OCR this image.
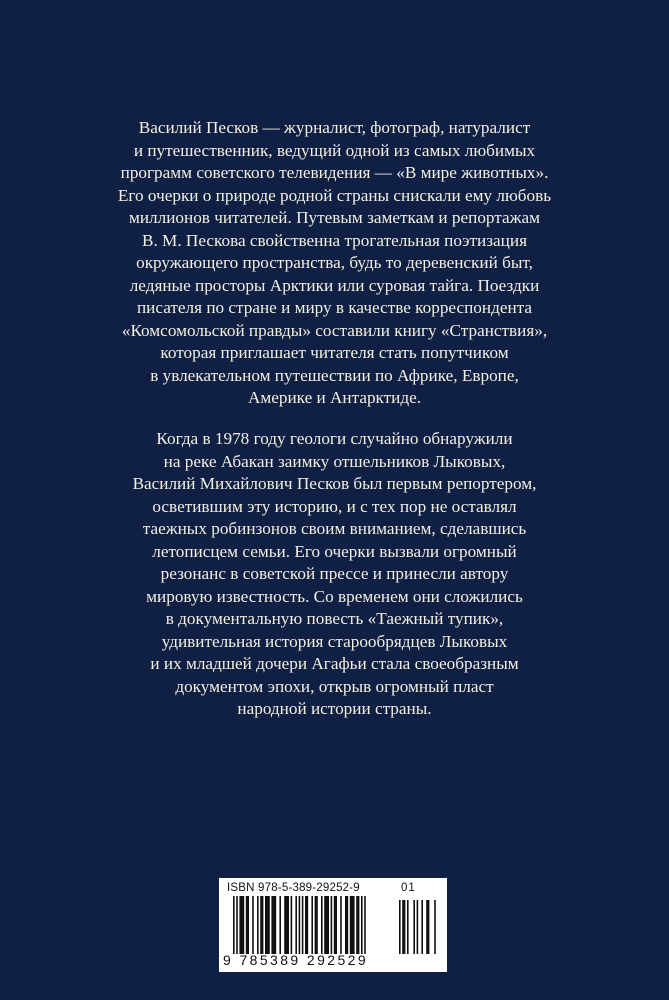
Василий Песков — журналист, фотограф, натуралист
и путешественник, ведущий одной из самых любимых
программ советского телевидения — «В мире животных».
Его очерки о природе родной страны снискали ему любовь
миллионов читателей. Путевым заметкам и репортажам
В. М. Пескова свойственна трогательная поэтизация
окружающего пространства, будь то деревенский быт,
ледяные просторы Арктики или суровая тайга. Поездки
писателя по стране и миру в качестве корреспондента
«Комсомольской правды» составили книгу «Странствия»,
которая приглашает читателя стать попутчиком
в увлекательном путешествии по Африке, Европе,
Америке и Антарктиде.
Когда в 1978 году геологи случайно обнаружили
на реке Абакан заимку отшельников Лыковых,
Василий Михайлович Песков был первым репортером,
осветившим эту историю, и с тех пор не оставлял
таежных робинзонов своим вниманием, сделавшись
летописцем семьи. Его очерки вызвали огромный
резонанс в советской прессе и принесли автору
мировую известность. Со временем они сложились
в документальную повесть «Таежный тупик»,
удивительная история старообрядцев Лыковых
и их младшей дочери Агафьи стала своеобразным
документом эпохи, открыв огромный пласт
народной истории страны.
ISBN 978-5-389-29252-9	01
9 785389 292529
